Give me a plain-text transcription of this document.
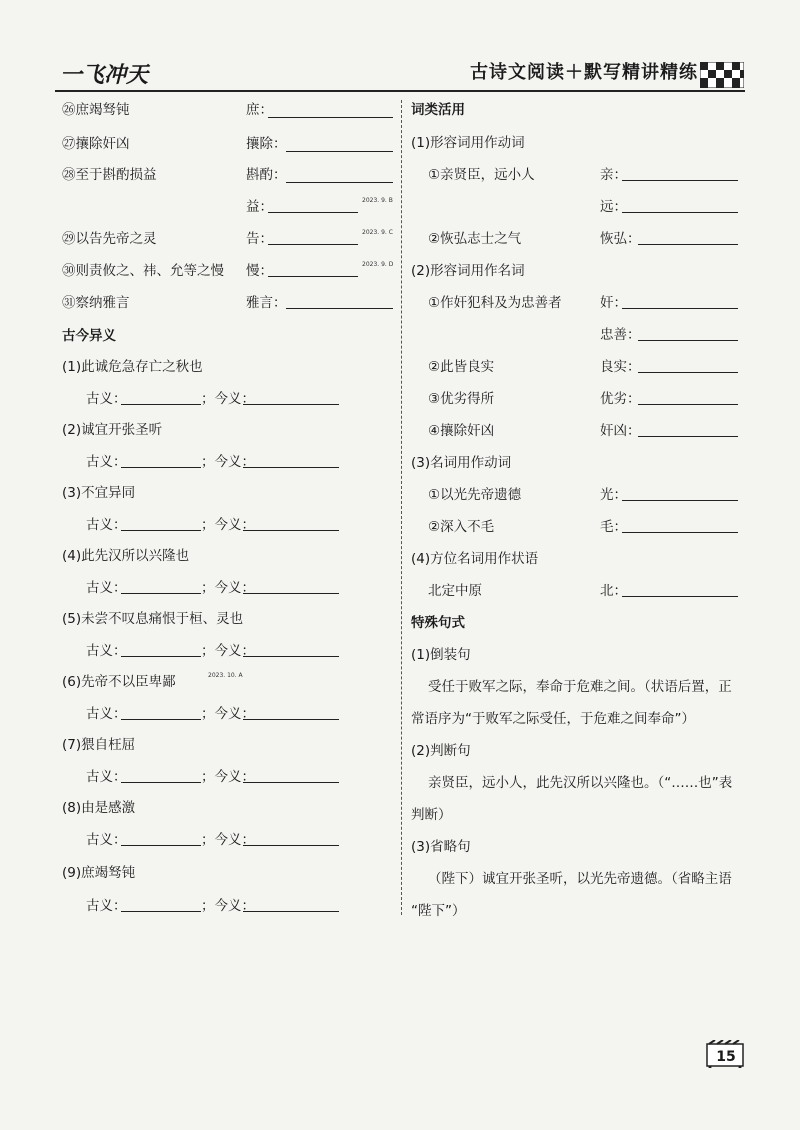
一飞冲天	古诗文阅读＋默写精讲精练
㉖庶竭驽钝	庶：
㉗攘除奸凶	攘除：
㉘至于斟酌损益	斟酌：
益：	2023. 9. B
㉙以告先帝之灵	告：	2023. 9. C
㉚则责攸之、祎、允等之慢 慢：	2023. 9. D
㉛察纳雅言	雅言：
古今异义
(1)此诚危急存亡之秋也
古义：	；今义：
(2)诚宜开张圣听
古义：	；今义：
(3)不宜异同
古义：	；今义：
(4)此先汉所以兴隆也
古义：	；今义：
(5)未尝不叹息痛恨于桓、灵也
古义：	；今义：
(6)先帝不以臣卑鄙	2023. 10. A
古义：	；今义：
(7)猥自枉屈
古义：	；今义：
(8)由是感激
古义：	；今义：
(9)庶竭驽钝
古义：	；今义：
词类活用
(1)形容词用作动词
①亲贤臣，远小人	亲：
远：
②恢弘志士之气	恢弘：
(2)形容词用作名词
①作奸犯科及为忠善者	奸：
忠善：
②此皆良实	良实：
③优劣得所	优劣：
④攘除奸凶	奸凶：
(3)名词用作动词
①以光先帝遗德	光：
②深入不毛	毛：
(4)方位名词用作状语
北定中原	北：
特殊句式
(1)倒装句
受任于败军之际，奉命于危难之间。（状语后置，正
常语序为“于败军之际受任，于危难之间奉命”）
(2)判断句
亲贤臣，远小人，此先汉所以兴隆也。（“……也”表
判断）
(3)省略句
（陛下）诚宜开张圣听，以光先帝遗德。（省略主语
“陛下”）
15
